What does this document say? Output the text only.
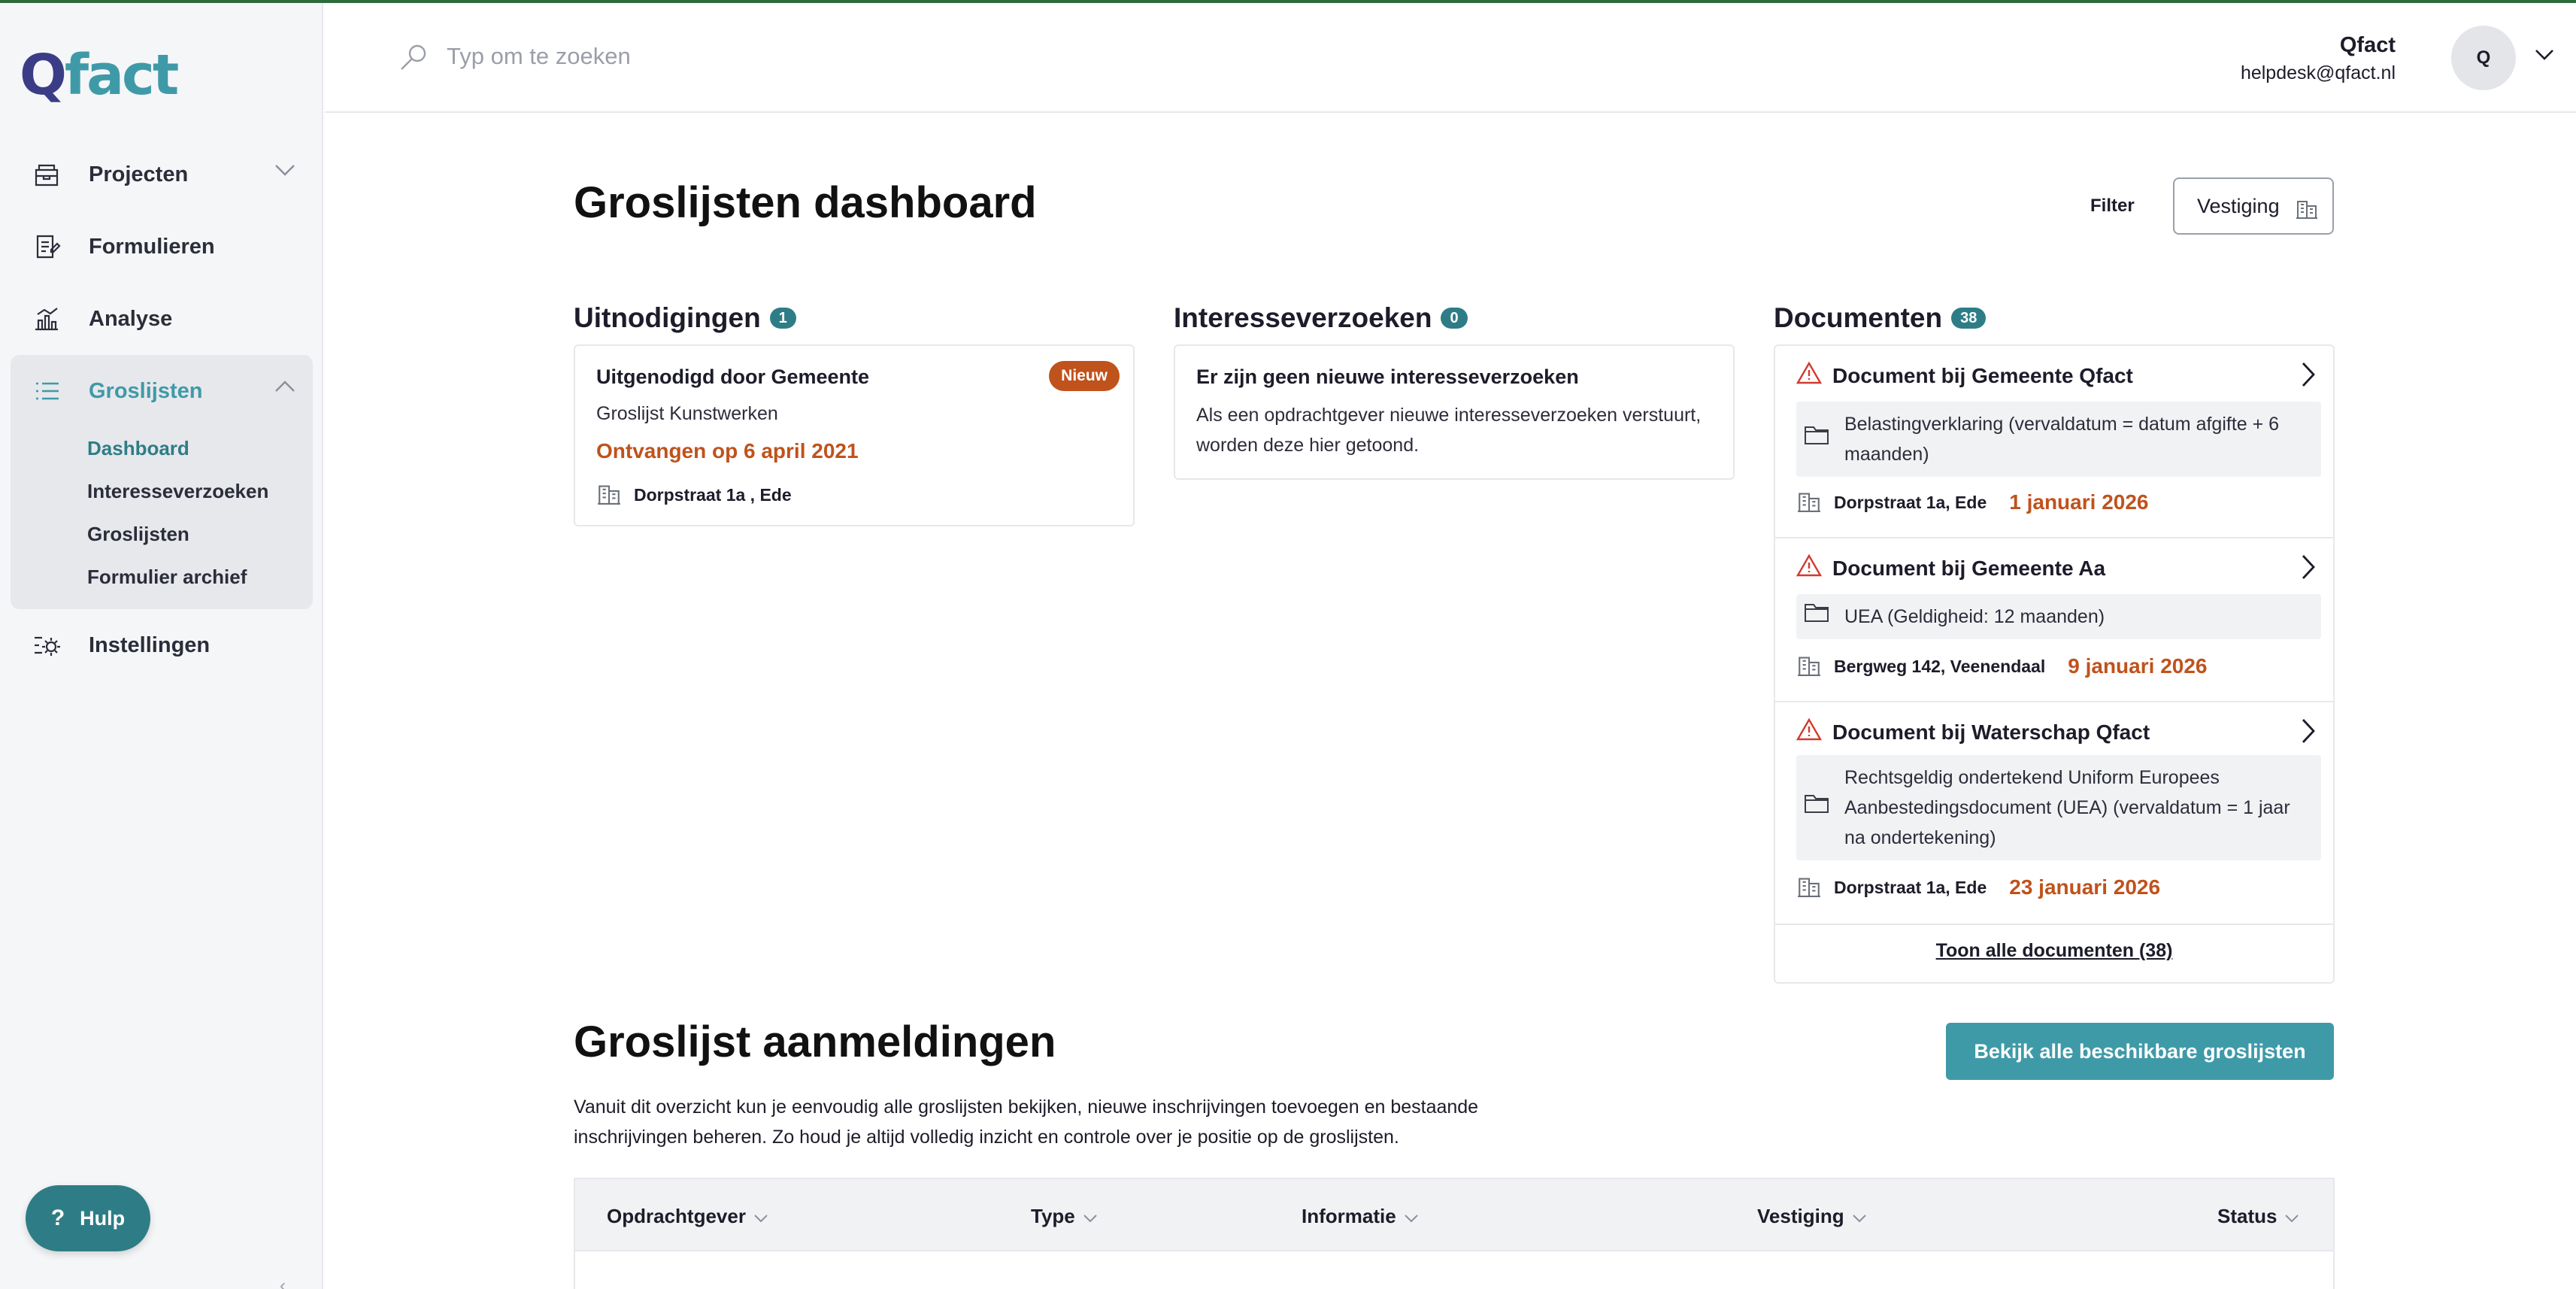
Qfact
Projecten
Formulieren
Analyse
Groslijsten
Dashboard
Interesseverzoeken
Groslijsten
Formulier archief
Instellingen
? Hulp
‹
Typ om te zoeken
Qfact
helpdesk@qfact.nl
Q
Groslijsten dashboard	Filter	Vestiging
Uitnodigingen	1
Uitgenodigd door Gemeente	Nieuw
Groslijst Kunstwerken
Ontvangen op 6 april 2021
Dorpstraat 1a , Ede
Interesseverzoeken	0
Er zijn geen nieuwe interesseverzoeken
Als een opdrachtgever nieuwe interesseverzoeken verstuurt, worden deze hier getoond.
Documenten	38
Document bij Gemeente Qfact
Belastingverklaring (vervaldatum = datum afgifte + 6 maanden)
Dorpstraat 1a, Ede 1 januari 2026
Document bij Gemeente Aa
UEA (Geldigheid: 12 maanden)
Bergweg 142, Veenendaal 9 januari 2026
Document bij Waterschap Qfact
Rechtsgeldig ondertekend Uniform Europees Aanbestedingsdocument (UEA) (vervaldatum = 1 jaar na ondertekening)
Dorpstraat 1a, Ede 23 januari 2026
Toon alle documenten (38)
Groslijst aanmeldingen	Bekijk alle beschikbare groslijsten

Vanuit dit overzicht kun je eenvoudig alle groslijsten bekijken, nieuwe inschrijvingen toevoegen en bestaande inschrijvingen beheren. Zo houd je altijd volledig inzicht en controle over je positie op de groslijsten.

Opdrachtgever	Type	Informatie	Vestiging	Status
